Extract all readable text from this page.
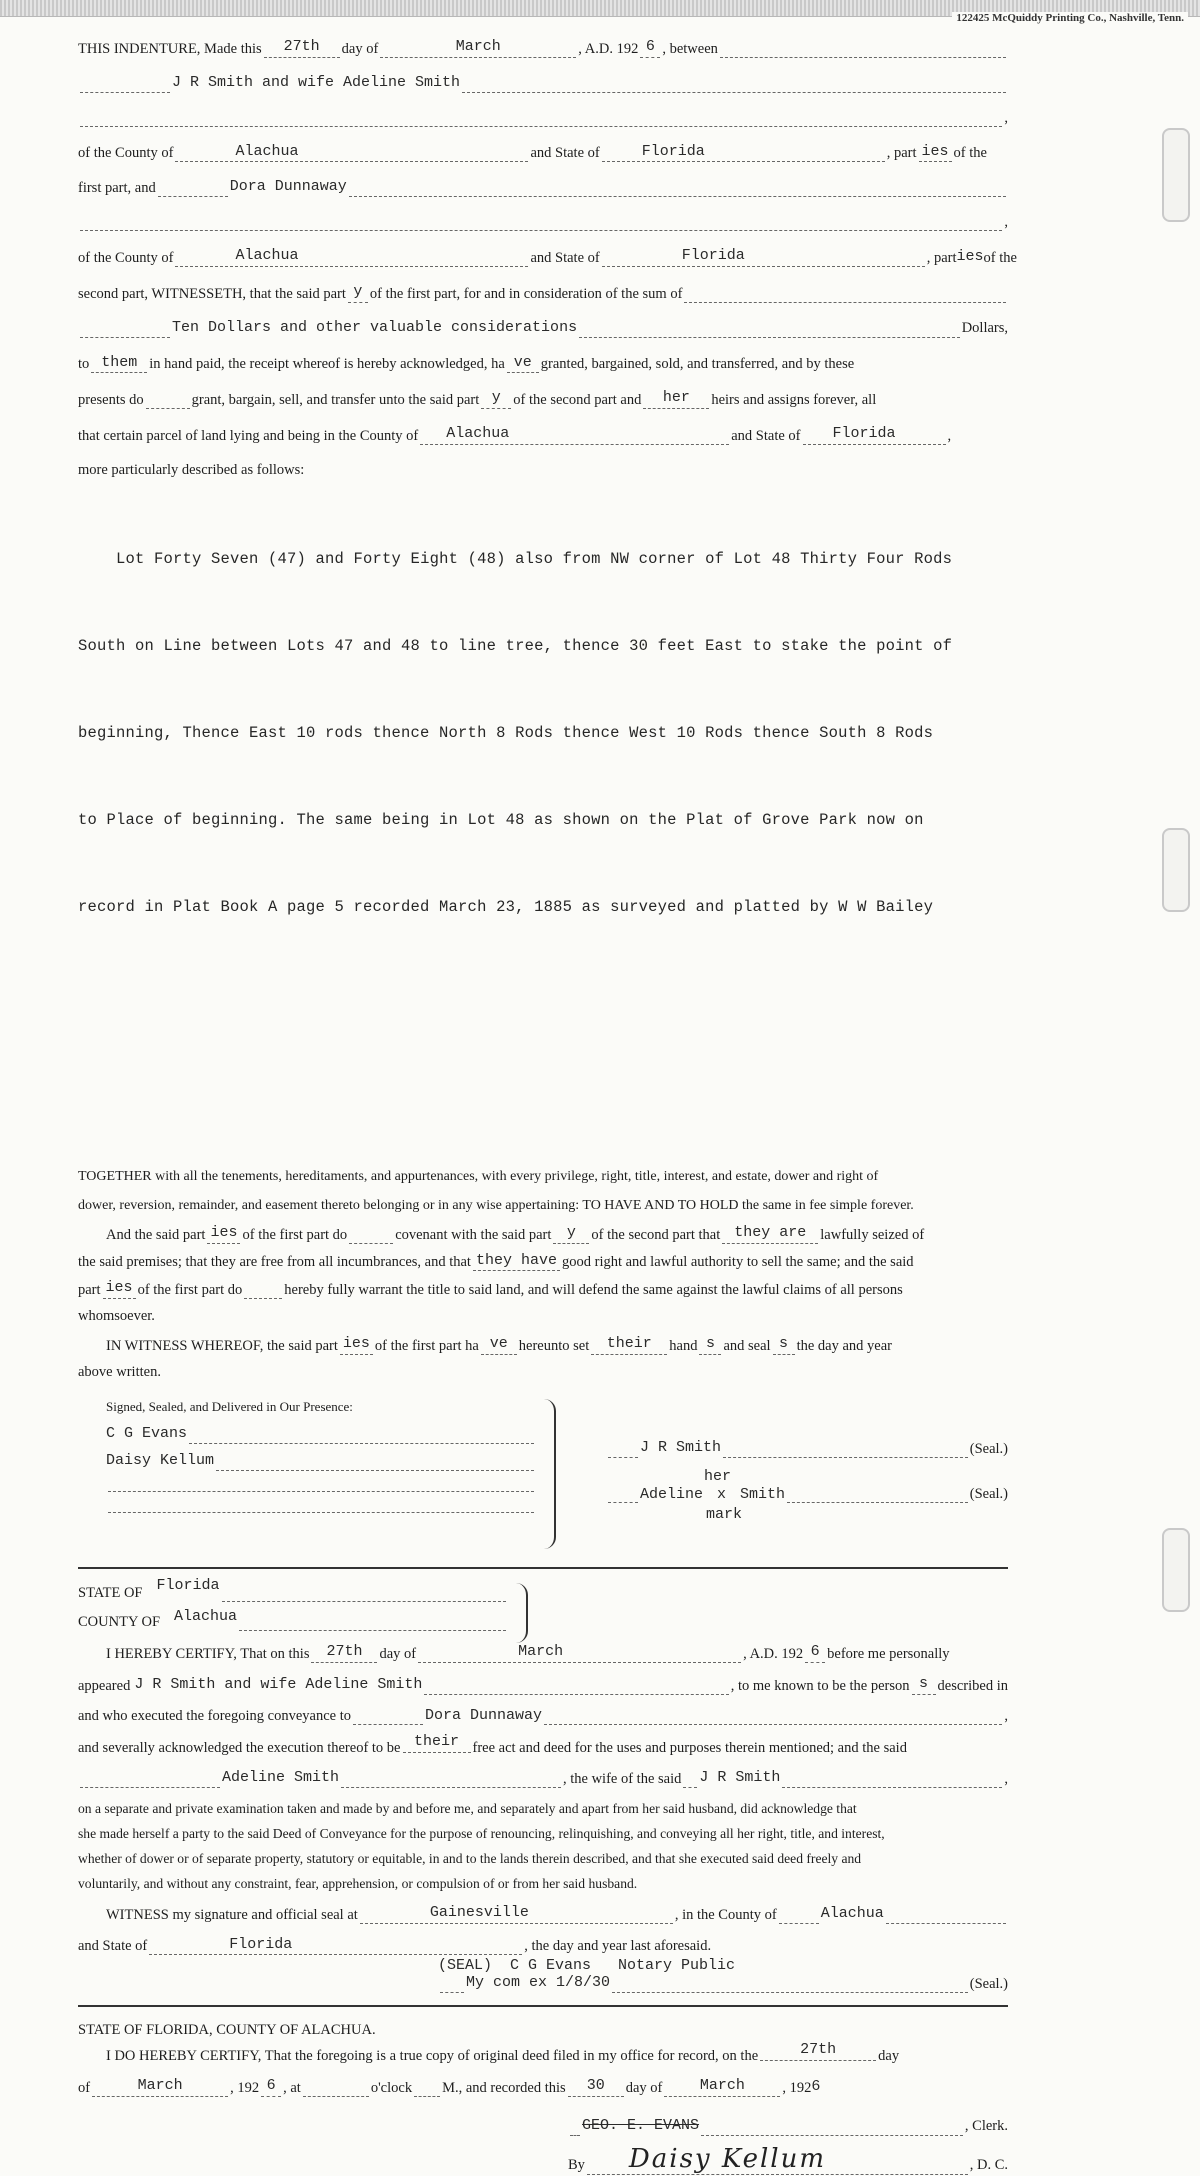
122425 McQuiddy Printing Co., Nashville, Tenn.
THIS INDENTURE, Made this	27th	day of	March	, A.D. 192 6 , between
J R Smith and wife Adeline Smith
,
of the County of	Alachua	and State of	Florida	, part ies of the
first part, and	Dora Dunnaway
,
of the County of	Alachua	and State of	Florida	, part ies of the
second part, WITNESSETH, that the said part y of the first part, for and in consideration of the sum of
Ten Dollars and other valuable considerations	Dollars,
to them in hand paid, the receipt whereof is hereby acknowledged, ha ve granted, bargained, sold, and transferred, and by these
presents do	grant, bargain, sell, and transfer unto the said part y of the second part and	her	heirs and assigns forever, all
that certain parcel of land lying and being in the County of	Alachua	and State of	Florida	,
more particularly described as follows:

Lot Forty Seven (47) and Forty Eight (48) also from NW corner of Lot 48 Thirty Four Rods

South on Line between Lots 47 and 48 to line tree, thence 30 feet East to stake the point of

beginning, Thence East 10 rods thence North 8 Rods thence West 10 Rods thence South 8 Rods

to Place of beginning. The same being in Lot 48 as shown on the Plat of Grove Park now on

record in Plat Book A page 5 recorded March 23, 1885 as surveyed and platted by W W Bailey

TOGETHER with all the tenements, hereditaments, and appurtenances, with every privilege, right, title, interest, and estate, dower and right of
dower, reversion, remainder, and easement thereto belonging or in any wise appertaining: TO HAVE AND TO HOLD the same in fee simple forever.
And the said part ies of the first part do	covenant with the said part	y	of the second part that they are lawfully seized of
the said premises; that they are free from all incumbrances, and that they have good right and lawful authority to sell the same; and the said
part ies of the first part do	hereby fully warrant the title to said land, and will defend the same against the lawful claims of all persons
whomsoever.
IN WITNESS WHEREOF, the said part ies of the first part ha ve hereunto set	their	hand s and seal s the day and year
above written.
Signed, Sealed, and Delivered in Our Presence:
C G Evans
Daisy Kellum
J R Smith	(Seal.)
Adeline x Smith	(Seal.)
her
mark
STATE OF Florida
COUNTY OF Alachua
I HEREBY CERTIFY, That on this	27th	day of	March	, A.D. 192 6 before me personally
appeared J R Smith and wife Adeline Smith	, to me known to be the person s described in
and who executed the foregoing conveyance to	Dora Dunnaway	,
and severally acknowledged the execution thereof to be their free act and deed for the uses and purposes therein mentioned; and the said
Adeline Smith	, the wife of the said J R Smith	,
on a separate and private examination taken and made by and before me, and separately and apart from her said husband, did acknowledge that
she made herself a party to the said Deed of Conveyance for the purpose of renouncing, relinquishing, and conveying all her right, title, and interest,
whether of dower or of separate property, statutory or equitable, in and to the lands therein described, and that she executed said deed freely and
voluntarily, and without any constraint, fear, apprehension, or compulsion of or from her said husband.
WITNESS my signature and official seal at	Gainesville	, in the County of	Alachua
and State of	Florida	, the day and year last aforesaid.
(SEAL)  C G Evans   Notary Public
My com ex 1/8/30	(Seal.)
STATE OF FLORIDA, COUNTY OF ALACHUA.
I DO HEREBY CERTIFY, That the foregoing is a true copy of original deed filed in my office for record, on the	27th	day
of	March	, 192 6 , at	o'clock M., and recorded this	30	day of	March	, 192 6
GEO. E. EVANS	, Clerk.
By Daisy Kellum	, D. C.
